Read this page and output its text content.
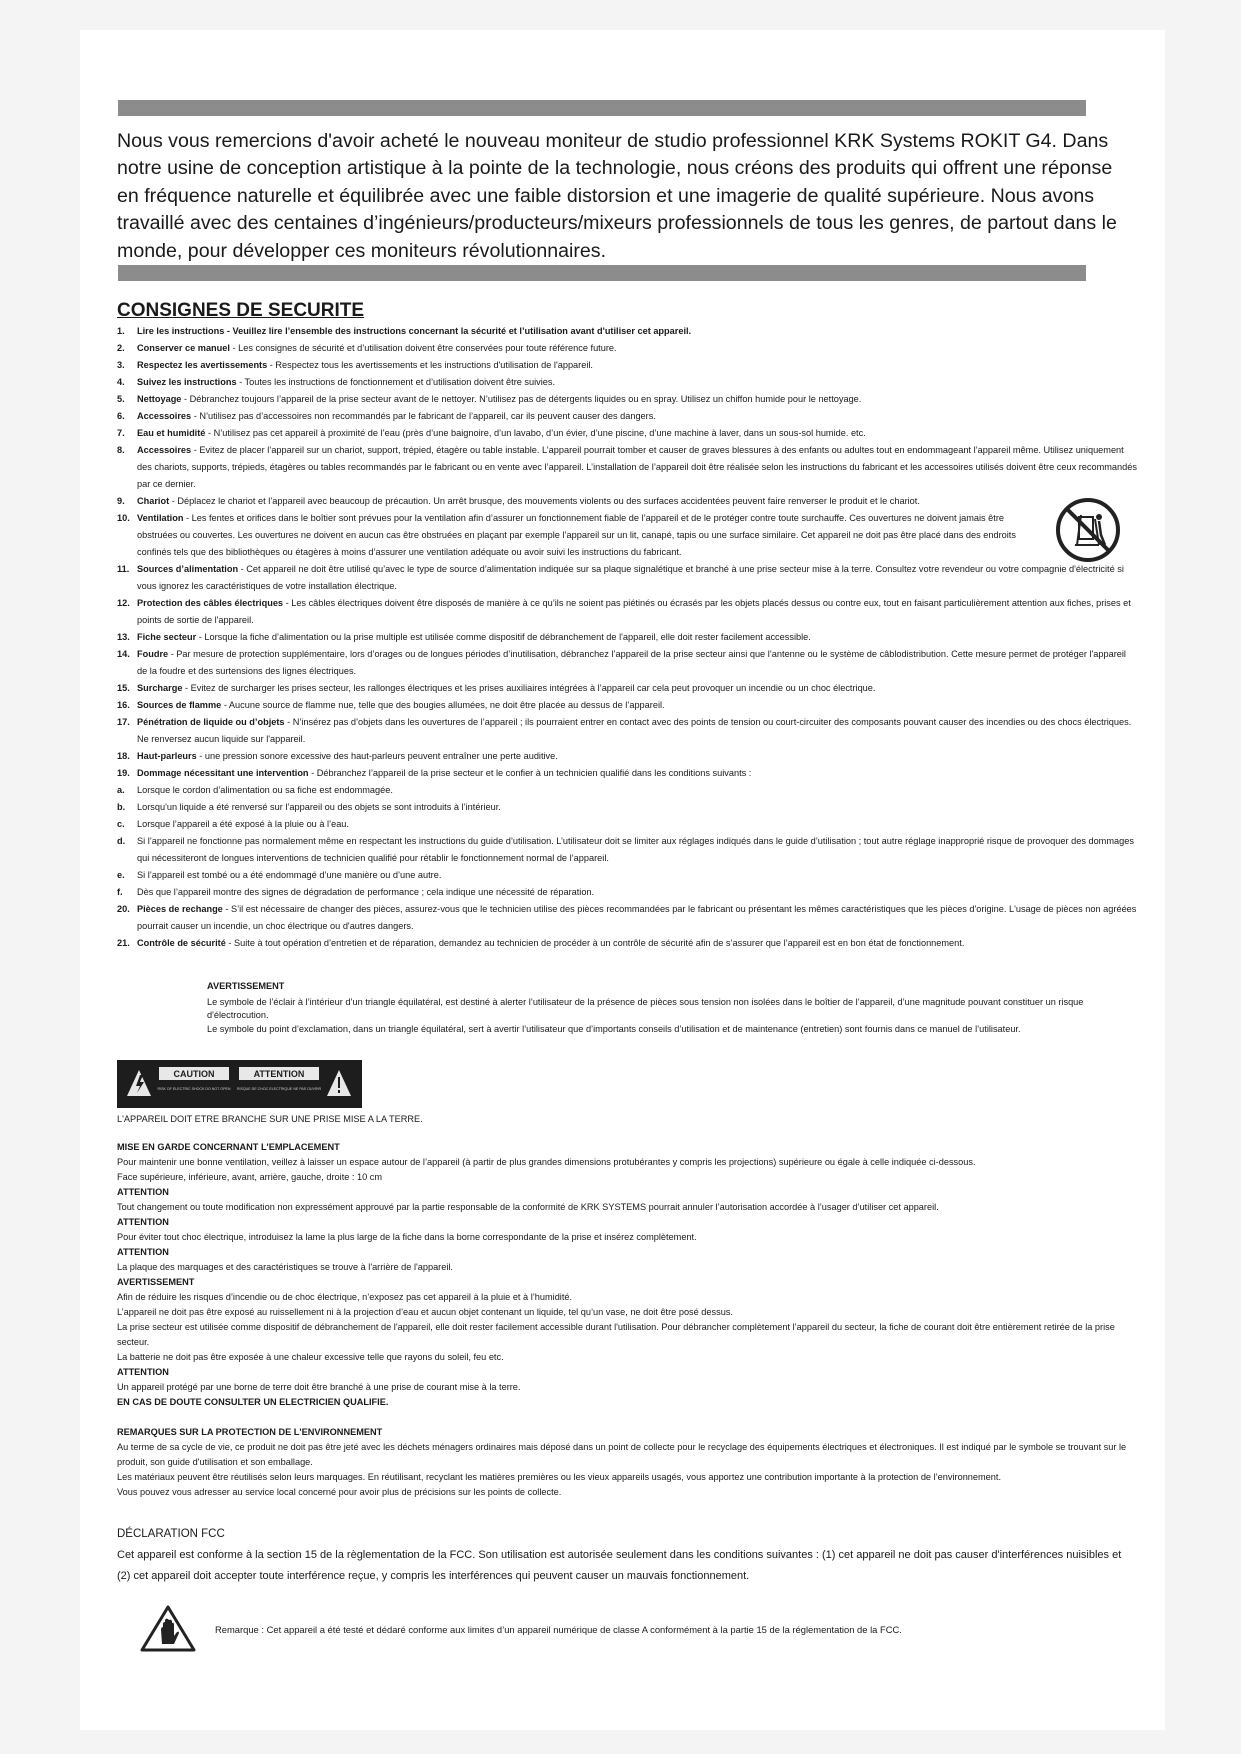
Nous vous remercions d'avoir acheté le nouveau moniteur de studio professionnel KRK Systems ROKIT G4. Dans notre usine de conception artistique à la pointe de la technologie, nous créons des produits qui offrent une réponse en fréquence naturelle et équilibrée avec une faible distorsion et une imagerie de qualité supérieure. Nous avons travaillé avec des centaines d’ingénieurs/producteurs/mixeurs professionnels de tous les genres, de partout dans le monde, pour développer ces moniteurs révolutionnaires.

CONSIGNES DE SECURITE
1. Lire les instructions - Veuillez lire l’ensemble des instructions concernant la sécurité et l’utilisation avant d'utiliser cet appareil.
2. Conserver ce manuel - Les consignes de sécurité et d’utilisation doivent être conservées pour toute référence future.
3. Respectez les avertissements - Respectez tous les avertissements et les instructions d'utilisation de l'appareil.
4. Suivez les instructions - Toutes les instructions de fonctionnement et d’utilisation doivent être suivies.
5. Nettoyage - Débranchez toujours l’appareil de la prise secteur avant de le nettoyer. N’utilisez pas de détergents liquides ou en spray. Utilisez un chiffon humide pour le nettoyage.
6. Accessoires - N’utilisez pas d’accessoires non recommandés par le fabricant de l’appareil, car ils peuvent causer des dangers.
7. Eau et humidité - N’utilisez pas cet appareil à proximité de l’eau (près d’une baignoire, d’un lavabo, d’un évier, d’une piscine, d’une machine à laver, dans un sous-sol humide. etc.
8. Accessoires - Evitez de placer l’appareil sur un chariot, support, trépied, étagère ou table instable. L’appareil pourrait tomber et causer de graves blessures à des enfants ou adultes tout en endommageant l’appareil même. Utilisez uniquement des chariots, supports, trépieds, étagères ou tables recommandés par le fabricant ou en vente avec l’appareil. L’installation de l’appareil doit être réalisée selon les instructions du fabricant et les accessoires utilisés doivent être ceux recommandés par ce dernier.
9. Chariot - Déplacez le chariot et l’appareil avec beaucoup de précaution. Un arrêt brusque, des mouvements violents ou des surfaces accidentées peuvent faire renverser le produit et le chariot.
10. Ventilation - Les fentes et orifices dans le boîtier sont prévues pour la ventilation afin d’assurer un fonctionnement fiable de l’appareil et de le protéger contre toute surchauffe. Ces ouvertures ne doivent jamais être obstruées ou couvertes. Les ouvertures ne doivent en aucun cas être obstruées en plaçant par exemple l’appareil sur un lit, canapé, tapis ou une surface similaire. Cet appareil ne doit pas être placé dans des endroits confinés tels que des bibliothèques ou étagères à moins d’assurer une ventilation adéquate ou avoir suivi les instructions du fabricant.
11. Sources d’alimentation - Cet appareil ne doit être utilisé qu’avec le type de source d’alimentation indiquée sur sa plaque signalétique et branché à une prise secteur mise à la terre. Consultez votre revendeur ou votre compagnie d'électricité si vous ignorez les caractéristiques de votre installation électrique.
12. Protection des câbles électriques - Les câbles électriques doivent être disposés de manière à ce qu’ils ne soient pas piétinés ou écrasés par les objets placés dessus ou contre eux, tout en faisant particulièrement attention aux fiches, prises et points de sortie de l'appareil.
13. Fiche secteur - Lorsque la fiche d’alimentation ou la prise multiple est utilisée comme dispositif de débranchement de l'appareil, elle doit rester facilement accessible.
14. Foudre - Par mesure de protection supplémentaire, lors d’orages ou de longues périodes d’inutilisation, débranchez l’appareil de la prise secteur ainsi que l’antenne ou le système de câblodistribution. Cette mesure permet de protéger l'appareil de la foudre et des surtensions des lignes électriques.
15. Surcharge - Evitez de surcharger les prises secteur, les rallonges électriques et les prises auxiliaires intégrées à l’appareil car cela peut provoquer un incendie ou un choc électrique.
16. Sources de flamme - Aucune source de flamme nue, telle que des bougies allumées, ne doit être placée au dessus de l’appareil.
17. Pénétration de liquide ou d’objets - N’insérez pas d’objets dans les ouvertures de l’appareil ; ils pourraient entrer en contact avec des points de tension ou court-circuiter des composants pouvant causer des incendies ou des chocs électriques. Ne renversez aucun liquide sur l'appareil.
18. Haut-parleurs - une pression sonore excessive des haut-parleurs peuvent entraîner une perte auditive.
19. Dommage nécessitant une intervention - Débranchez l’appareil de la prise secteur et le confier à un technicien qualifié dans les conditions suivants :
a. Lorsque le cordon d’alimentation ou sa fiche est endommagée.
b. Lorsqu'un liquide a été renversé sur l’appareil ou des objets se sont introduits à l’intérieur.
c. Lorsque l’appareil a été exposé à la pluie ou à l’eau.
d. Si l’appareil ne fonctionne pas normalement même en respectant les instructions du guide d’utilisation. L’utilisateur doit se limiter aux réglages indiqués dans le guide d’utilisation ; tout autre réglage inapproprié risque de provoquer des dommages qui nécessiteront de longues interventions de technicien qualifié pour rétablir le fonctionnement normal de l’appareil.
e. Si l’appareil est tombé ou a été endommagé d’une manière ou d’une autre.
f. Dès que l’appareil montre des signes de dégradation de performance ; cela indique une nécessité de réparation.
20. Pièces de rechange - S’il est nécessaire de changer des pièces, assurez-vous que le technicien utilise des pièces recommandées par le fabricant ou présentant les mêmes caractéristiques que les pièces d'origine. L'usage de pièces non agréées pourrait causer un incendie, un choc électrique ou d'autres dangers.
21. Contrôle de sécurité - Suite à tout opération d’entretien et de réparation, demandez au technicien de procéder à un contrôle de sécurité afin de s’assurer que l’appareil est en bon état de fonctionnement.
AVERTISSEMENT
Le symbole de l’éclair à l’intérieur d’un triangle équilatéral, est destiné à alerter l’utilisateur de la présence de pièces sous tension non isolées dans le boîtier de l’appareil, d’une magnitude pouvant constituer un risque d'électrocution.
Le symbole du point d’exclamation, dans un triangle équilatéral, sert à avertir l’utilisateur que d’importants conseils d’utilisation et de maintenance (entretien) sont fournis dans ce manuel de l’utilisateur.
CAUTION	ATTENTION
RISK OF ELECTRIC SHOCK DO NOT OPEN RISQUE DE CHOC ELECTRIQUE NE PAS OUVRIR
L'APPAREIL DOIT ETRE BRANCHE SUR UNE PRISE MISE A LA TERRE.
MISE EN GARDE CONCERNANT L'EMPLACEMENT

Pour maintenir une bonne ventilation, veillez à laisser un espace autour de l’appareil (à partir de plus grandes dimensions protubérantes y compris les projections) supérieure ou égale à celle indiquée ci-dessous.

Face supérieure, inférieure, avant, arrière, gauche, droite : 10 cm

ATTENTION

Tout changement ou toute modification non expressément approuvé par la partie responsable de la conformité de KRK SYSTEMS pourrait annuler l’autorisation accordée à l’usager d’utiliser cet appareil.

ATTENTION

Pour éviter tout choc électrique, introduisez la lame la plus large de la fiche dans la borne correspondante de la prise et insérez complètement.

ATTENTION

La plaque des marquages et des caractéristiques se trouve à l'arrière de l'appareil.

AVERTISSEMENT

Afin de réduire les risques d’incendie ou de choc électrique, n’exposez pas cet appareil à la pluie et à l’humidité.

L’appareil ne doit pas être exposé au ruissellement ni à la projection d’eau et aucun objet contenant un liquide, tel qu’un vase, ne doit être posé dessus.

La prise secteur est utilisée comme dispositif de débranchement de l'appareil, elle doit rester facilement accessible durant l'utilisation. Pour débrancher complètement l’appareil du secteur, la fiche de courant doit être entièrement retirée de la prise secteur.

La batterie ne doit pas être exposée à une chaleur excessive telle que rayons du soleil, feu etc.

ATTENTION

Un appareil protégé par une borne de terre doit être branché à une prise de courant mise à la terre.

EN CAS DE DOUTE CONSULTER UN ELECTRICIEN QUALIFIE.
REMARQUES SUR LA PROTECTION DE L'ENVIRONNEMENT

Au terme de sa cycle de vie, ce produit ne doit pas être jeté avec les déchets ménagers ordinaires mais déposé dans un point de collecte pour le recyclage des équipements électriques et électroniques. Il est indiqué par le symbole se trouvant sur le produit, son guide d'utilisation et son emballage.

Les matériaux peuvent être réutilisés selon leurs marquages. En réutilisant, recyclant les matières premières ou les vieux appareils usagés, vous apportez une contribution importante à la protection de l’environnement.

Vous pouvez vous adresser au service local concerné pour avoir plus de précisions sur les points de collecte.

DÉCLARATION FCC
Cet appareil est conforme à la section 15 de la règlementation de la FCC. Son utilisation est autorisée seulement dans les conditions suivantes : (1) cet appareil ne doit pas causer d'interférences nuisibles et (2) cet appareil doit accepter toute interférence reçue, y compris les interférences qui peuvent causer un mauvais fonctionnement.
Remarque : Cet appareil a été testé et dédaré conforme aux limites d’un appareil numérique de classe A conformément à la partie 15 de la réglementation de la FCC.
